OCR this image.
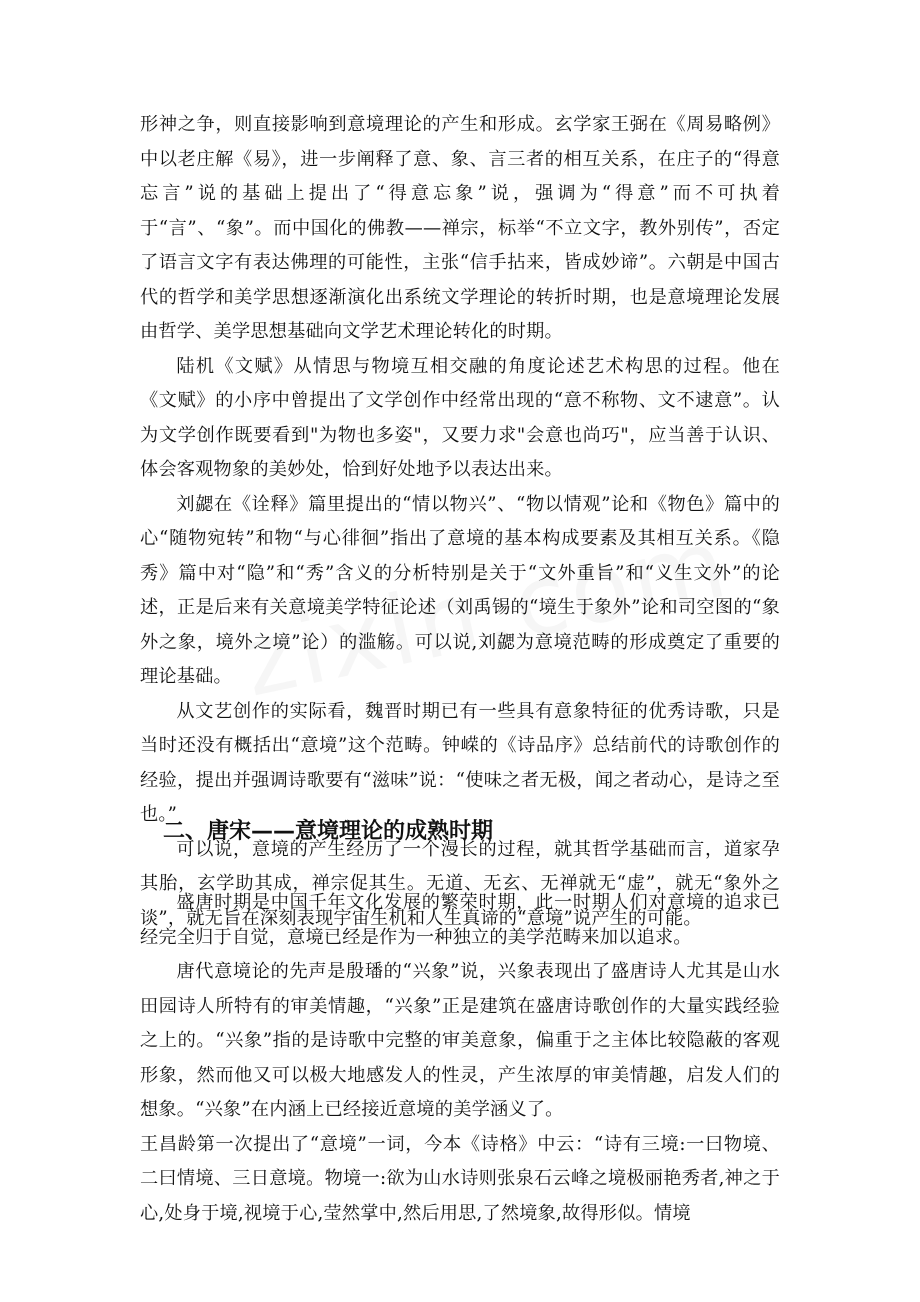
形神之争，则直接影响到意境理论的产生和形成。玄学家王弼在《周易略例》中以老庄解《易》，进一步阐释了意、象、言三者的相互关系，在庄子的“得意忘言”说的基础上提出了“得意忘象”说，强调为“得意”而不可执着于“言”、“象”。而中国化的佛教——禅宗，标举“不立文字，教外别传”，否定了语言文字有表达佛理的可能性，主张“信手拈来，皆成妙谛”。六朝是中国古代的哲学和美学思想逐渐演化出系统文学理论的转折时期，也是意境理论发展由哲学、美学思想基础向文学艺术理论转化的时期。

陆机《文赋》从情思与物境互相交融的角度论述艺术构思的过程。他在《文赋》的小序中曾提出了文学创作中经常出现的“意不称物、文不逮意”。认为文学创作既要看到"为物也多姿"，又要力求"会意也尚巧"，应当善于认识、体会客观物象的美妙处，恰到好处地予以表达出来。

刘勰在《诠释》篇里提出的“情以物兴”、“物以情观”论和《物色》篇中的心“随物宛转”和物“与心徘徊”指出了意境的基本构成要素及其相互关系。《隐秀》篇中对“隐”和“秀”含义的分析特别是关于“文外重旨”和“义生文外”的论述，正是后来有关意境美学特征论述（刘禹锡的“境生于象外”论和司空图的“象外之象，境外之境”论）的滥觞。可以说,刘勰为意境范畴的形成奠定了重要的理论基础。

从文艺创作的实际看，魏晋时期已有一些具有意象特征的优秀诗歌，只是当时还没有概括出“意境”这个范畴。钟嵘的《诗品序》总结前代的诗歌创作的经验，提出并强调诗歌要有“滋味”说：“使味之者无极，闻之者动心，是诗之至也。”

可以说，意境的产生经历了一个漫长的过程，就其哲学基础而言，道家孕其胎，玄学助其成，禅宗促其生。无道、无玄、无禅就无“虚”，就无“象外之谈”，就无旨在深刻表现宇宙生机和人生真谛的“意境”说产生的可能。

二、唐宋——意境理论的成熟时期

盛唐时期是中国千年文化发展的繁荣时期，此一时期人们对意境的追求已经完全归于自觉，意境已经是作为一种独立的美学范畴来加以追求。

唐代意境论的先声是殷璠的“兴象”说，兴象表现出了盛唐诗人尤其是山水田园诗人所特有的审美情趣，“兴象”正是建筑在盛唐诗歌创作的大量实践经验之上的。“兴象”指的是诗歌中完整的审美意象，偏重于之主体比较隐蔽的客观形象，然而他又可以极大地感发人的性灵，产生浓厚的审美情趣，启发人们的想象。“兴象”在内涵上已经接近意境的美学涵义了。

王昌龄第一次提出了“意境”一词，今本《诗格》中云：“诗有三境:一曰物境、二曰情境、三日意境。物境一:欲为山水诗则张泉石云峰之境极丽艳秀者,神之于心,处身于境,视境于心,莹然掌中,然后用思,了然境象,故得形似。情境
